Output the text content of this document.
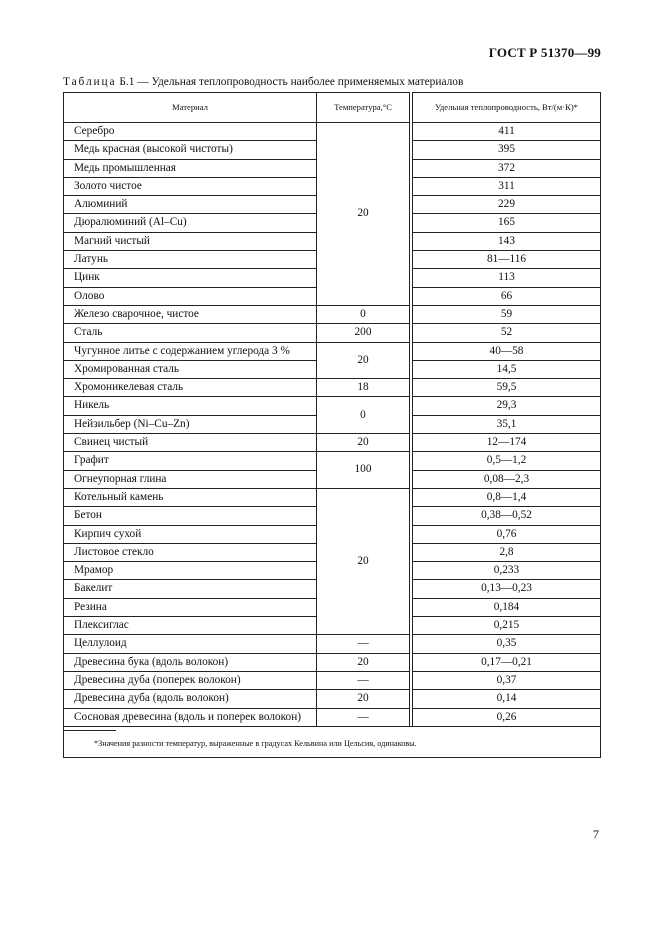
ГОСТ Р 51370—99
Таблица Б.1 — Удельная теплопроводность наиболее применяемых материалов
Материал	Температура,°С		Удельная теплопроводность, Вт/(м·К)*
Серебро	20		411
Медь красная (высокой чистоты)			395
Медь промышленная			372
Золото чистое			311
Алюминий			229
Дюралюминий (Al–Cu)			165
Магний чистый			143
Латунь			81—116
Цинк			113
Олово			66
Железо сварочное, чистое	0		59
Сталь	200		52
Чугунное литье с содержанием углерода 3 %	20		40—58
Хромированная сталь			14,5
Хромоникелевая сталь	18		59,5
Никель	0		29,3
Нейзильбер (Ni–Cu–Zn)			35,1
Свинец чистый	20		12—174
Графит	100		0,5—1,2
Огнеупорная глина			0,08—2,3
Котельный камень	20		0,8—1,4
Бетон			0,38—0,52
Кирпич сухой			0,76
Листовое стекло			2,8
Мрамор			0,233
Бакелит			0,13—0,23
Резина			0,184
Плексиглас			0,215
Целлулоид	—		0,35
Древесина бука (вдоль волокон)	20		0,17—0,21
Древесина дуба (поперек волокон)	—		0,37
Древесина дуба (вдоль волокон)	20		0,14
Сосновая древесина (вдоль и поперек волокон)	—		0,26

*Значения разности температур, выраженные в градусах Кельвина или Цельсия, одинаковы.			
7
